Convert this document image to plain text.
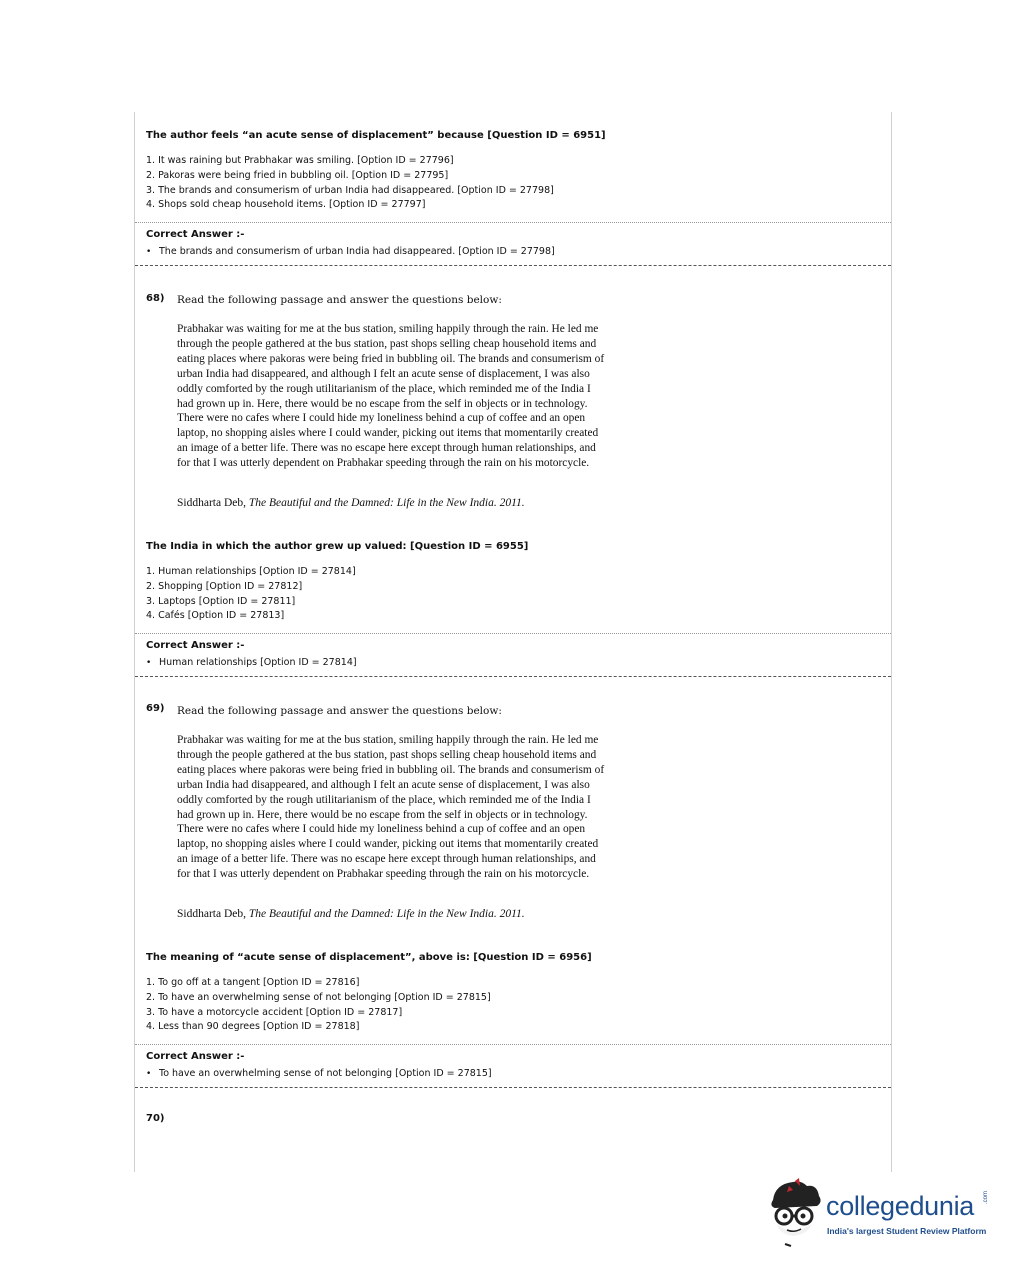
The author feels “an acute sense of displacement” because [Question ID = 6951]
1. It was raining but Prabhakar was smiling. [Option ID = 27796]
2. Pakoras were being fried in bubbling oil. [Option ID = 27795]
3. The brands and consumerism of urban India had disappeared. [Option ID = 27798]
4. Shops sold cheap household items. [Option ID = 27797]
Correct Answer :-
• The brands and consumerism of urban India had disappeared. [Option ID = 27798]
68) Read the following passage and answer the questions below:
Prabhakar was waiting for me at the bus station, smiling happily through the rain. He led me
through the people gathered at the bus station, past shops selling cheap household items and
eating places where pakoras were being fried in bubbling oil. The brands and consumerism of
urban India had disappeared, and although I felt an acute sense of displacement, I was also
oddly comforted by the rough utilitarianism of the place, which reminded me of the India I
had grown up in. Here, there would be no escape from the self in objects or in technology.
There were no cafes where I could hide my loneliness behind a cup of coffee and an open
laptop, no shopping aisles where I could wander, picking out items that momentarily created
an image of a better life. There was no escape here except through human relationships, and
for that I was utterly dependent on Prabhakar speeding through the rain on his motorcycle.
Siddharta Deb, The Beautiful and the Damned: Life in the New India. 2011.
The India in which the author grew up valued: [Question ID = 6955]
1. Human relationships [Option ID = 27814]
2. Shopping [Option ID = 27812]
3. Laptops [Option ID = 27811]
4. Cafés [Option ID = 27813]
Correct Answer :-
• Human relationships [Option ID = 27814]
69) Read the following passage and answer the questions below:
Prabhakar was waiting for me at the bus station, smiling happily through the rain. He led me
through the people gathered at the bus station, past shops selling cheap household items and
eating places where pakoras were being fried in bubbling oil. The brands and consumerism of
urban India had disappeared, and although I felt an acute sense of displacement, I was also
oddly comforted by the rough utilitarianism of the place, which reminded me of the India I
had grown up in. Here, there would be no escape from the self in objects or in technology.
There were no cafes where I could hide my loneliness behind a cup of coffee and an open
laptop, no shopping aisles where I could wander, picking out items that momentarily created
an image of a better life. There was no escape here except through human relationships, and
for that I was utterly dependent on Prabhakar speeding through the rain on his motorcycle.
Siddharta Deb, The Beautiful and the Damned: Life in the New India. 2011.
The meaning of “acute sense of displacement”, above is: [Question ID = 6956]
1. To go off at a tangent [Option ID = 27816]
2. To have an overwhelming sense of not belonging [Option ID = 27815]
3. To have a motorcycle accident [Option ID = 27817]
4. Less than 90 degrees [Option ID = 27818]
Correct Answer :-
• To have an overwhelming sense of not belonging [Option ID = 27815]
70)
collegedunia .com
India's largest Student Review Platform
